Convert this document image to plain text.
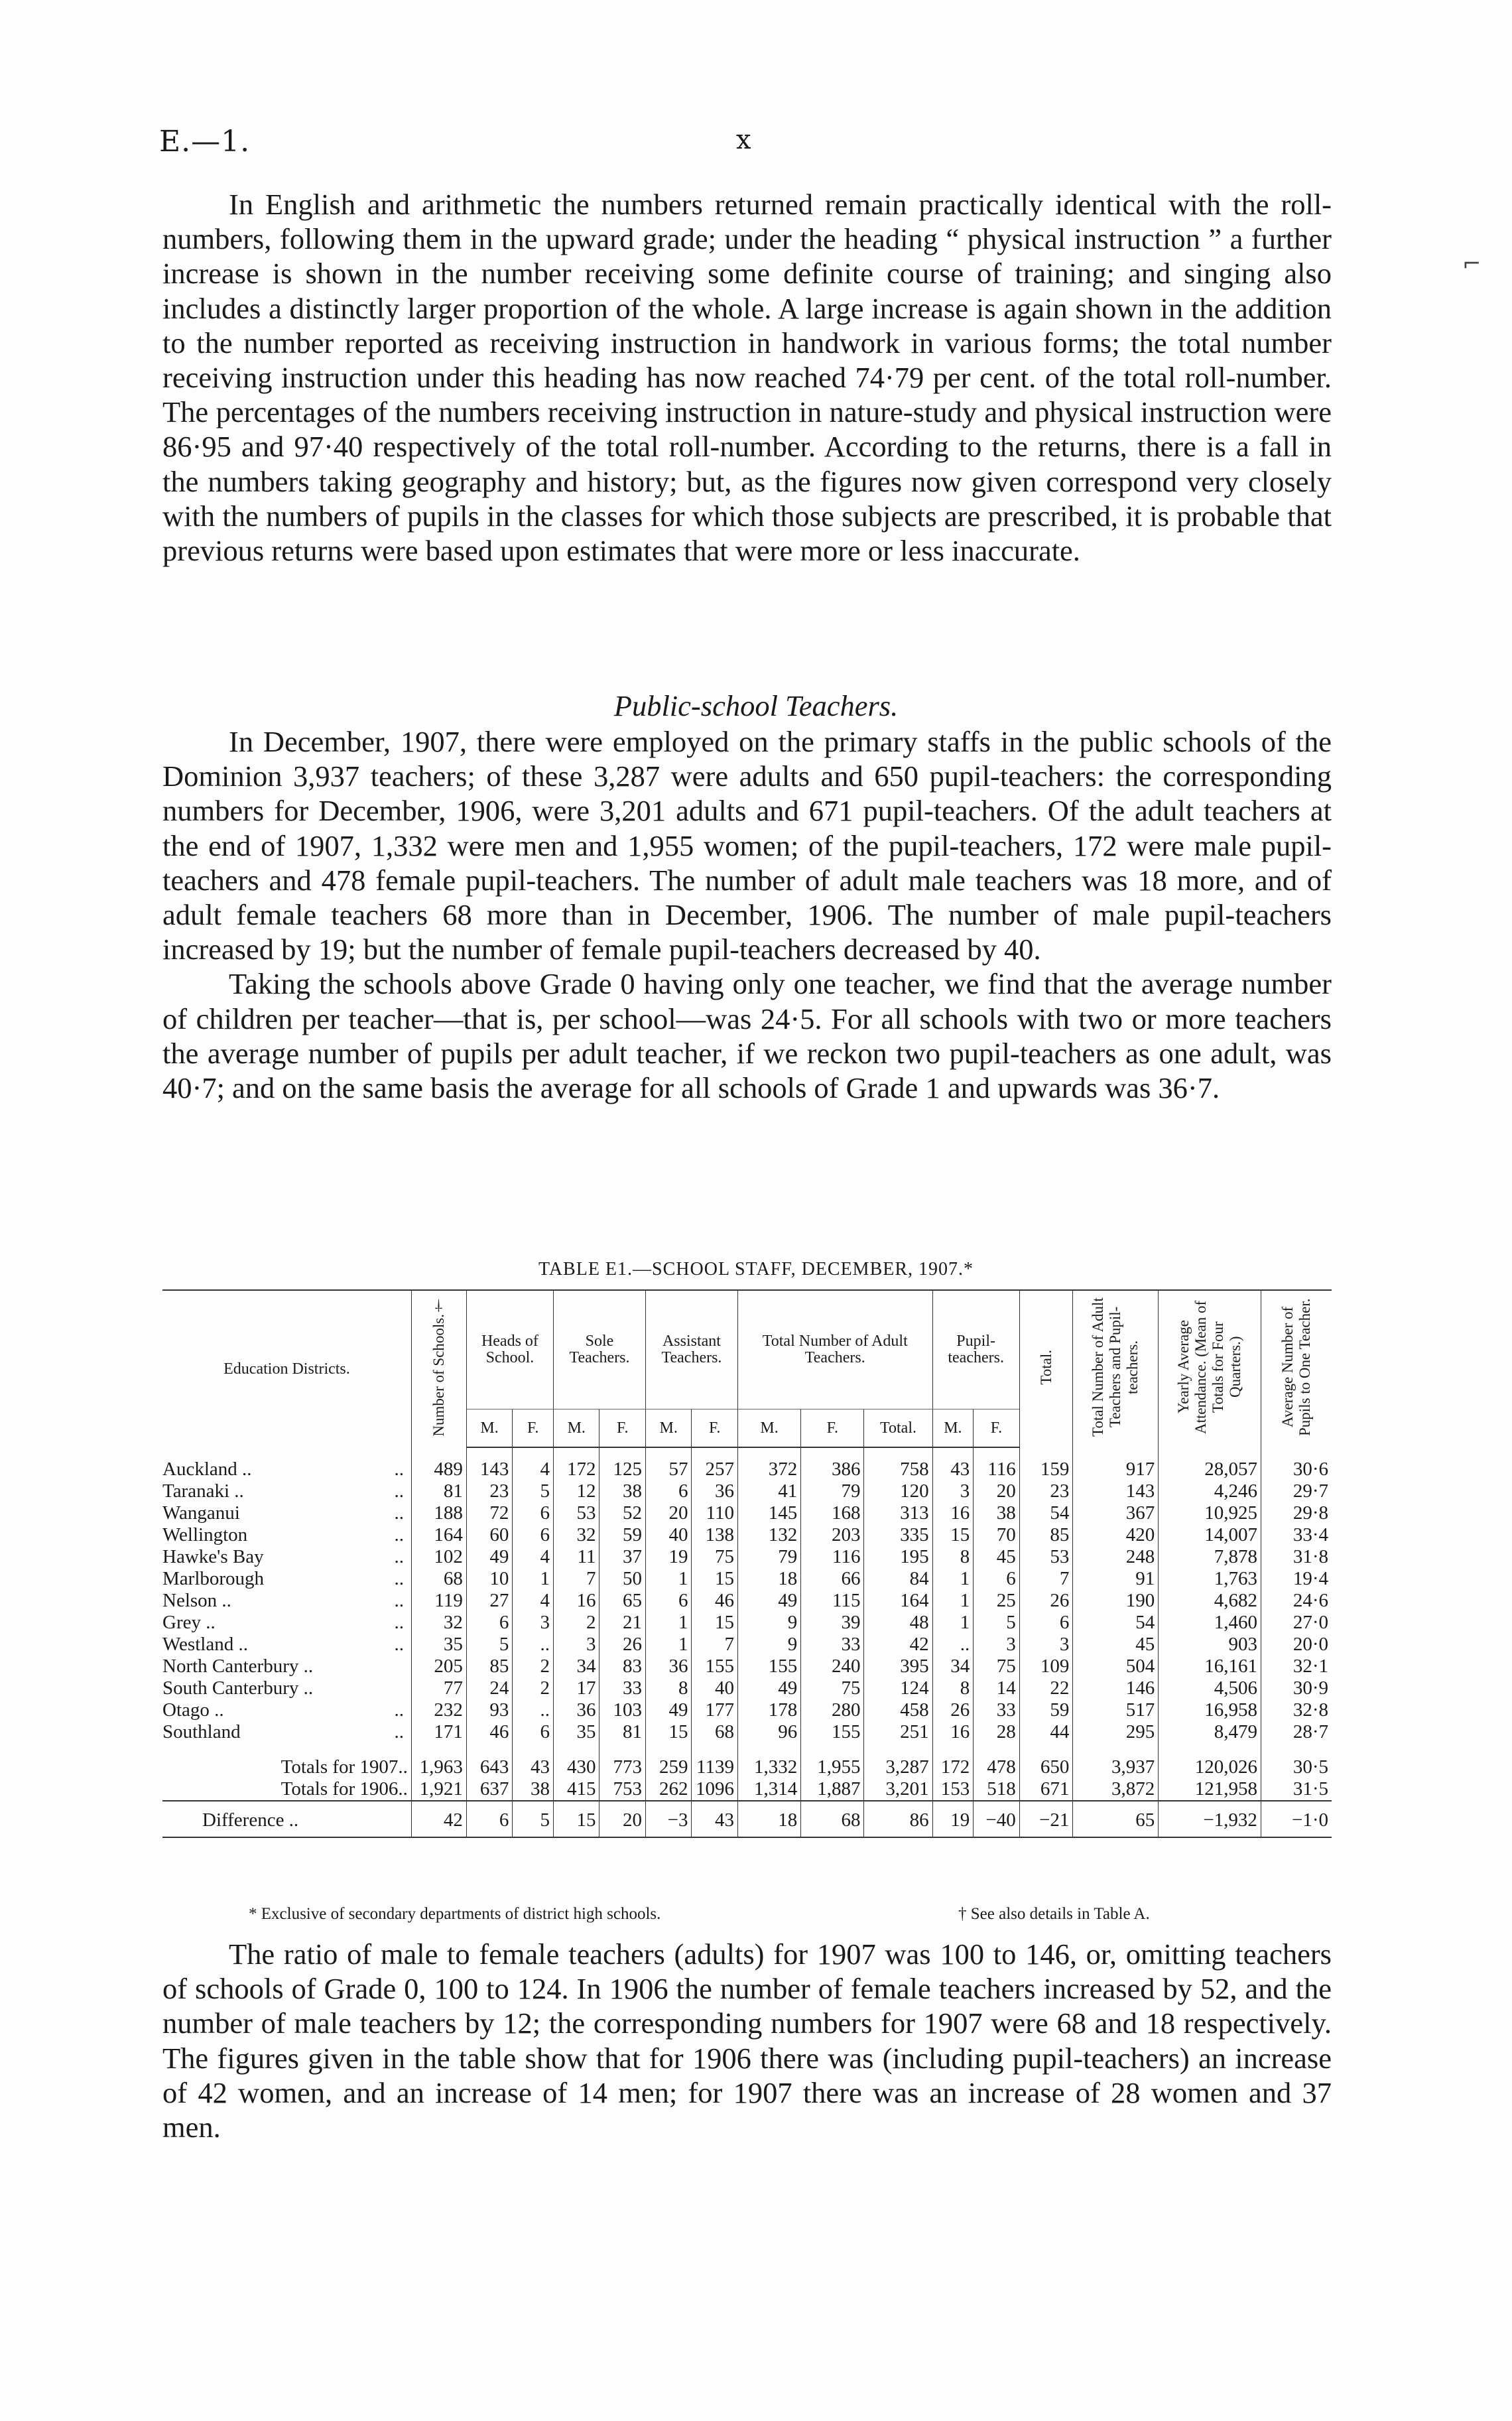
E.—1.	x

In English and arithmetic the numbers returned remain practically identical with the roll-numbers, following them in the upward grade; under the heading “ physical instruction ” a further increase is shown in the number receiving some definite course of training; and singing also includes a distinctly larger proportion of the whole. A large increase is again shown in the addition to the number reported as receiving instruction in handwork in various forms; the total number receiving instruction under this heading has now reached 74·79 per cent. of the total roll-number. The percentages of the numbers receiving instruction in nature-study and physical instruction were 86·95 and 97·40 respectively of the total roll-number. According to the returns, there is a fall in the numbers taking geography and history; but, as the figures now given correspond very closely with the numbers of pupils in the classes for which those subjects are prescribed, it is probable that previous returns were based upon estimates that were more or less inaccurate.

Public-school Teachers.

In December, 1907, there were employed on the primary staffs in the public schools of the Dominion 3,937 teachers; of these 3,287 were adults and 650 pupil-teachers: the corresponding numbers for December, 1906, were 3,201 adults and 671 pupil-teachers. Of the adult teachers at the end of 1907, 1,332 were men and 1,955 women; of the pupil-teachers, 172 were male pupil-teachers and 478 female pupil-teachers. The number of adult male teachers was 18 more, and of adult female teachers 68 more than in December, 1906. The number of male pupil-teachers increased by 19; but the number of female pupil-teachers decreased by 40.

Taking the schools above Grade 0 having only one teacher, we find that the average number of children per teacher—that is, per school—was 24·5. For all schools with two or more teachers the average number of pupils per adult teacher, if we reckon two pupil-teachers as one adult, was 40·7; and on the same basis the average for all schools of Grade 1 and upwards was 36·7.

TABLE E1.—SCHOOL STAFF, DECEMBER, 1907.*
Education Districts.	Number of Schools.†	Heads of School.		Sole Teachers.		Assistant Teachers.		Total Number of Adult Teachers.			Pupil-teachers.		Total.	Total Number of Adult Teachers and Pupil-teachers.	Yearly Average Attendance. (Mean of Totals for Four Quarters.)	Average Number of Pupils to One Teacher.
		M.	F.	M.	F.	M.	F.	M.	F.	Total.	M.	F.				
Auckland .. ..	489	143	4	172	125	57	257	372	386	758	43	116	159	917	28,057	30·6
Taranaki .. ..	81	23	5	12	38	6	36	41	79	120	3	20	23	143	4,246	29·7
Wanganui ..	188	72	6	53	52	20	110	145	168	313	16	38	54	367	10,925	29·8
Wellington ..	164	60	6	32	59	40	138	132	203	335	15	70	85	420	14,007	33·4
Hawke's Bay ..	102	49	4	11	37	19	75	79	116	195	8	45	53	248	7,878	31·8
Marlborough ..	68	10	1	7	50	1	15	18	66	84	1	6	7	91	1,763	19·4
Nelson .. ..	119	27	4	16	65	6	46	49	115	164	1	25	26	190	4,682	24·6
Grey .. ..	32	6	3	2	21	1	15	9	39	48	1	5	6	54	1,460	27·0
Westland .. ..	35	5	..	3	26	1	7	9	33	42	..	3	3	45	903	20·0
North Canterbury ..	205	85	2	34	83	36	155	155	240	395	34	75	109	504	16,161	32·1
South Canterbury ..	77	24	2	17	33	8	40	49	75	124	8	14	22	146	4,506	30·9
Otago .. ..	232	93	..	36	103	49	177	178	280	458	26	33	59	517	16,958	32·8
Southland ..	171	46	6	35	81	15	68	96	155	251	16	28	44	295	8,479	28·7
Totals for 1907..	1,963	643	43	430	773	259	1139	1,332	1,955	3,287	172	478	650	3,937	120,026	30·5
Totals for 1906..	1,921	637	38	415	753	262	1096	1,314	1,887	3,201	153	518	671	3,872	121,958	31·5
Difference ..	42	6	5	15	20	−3	43	18	68	86	19	−40	−21	65	−1,932	−1·0
* Exclusive of secondary departments of district high schools.	† See also details in Table A.

The ratio of male to female teachers (adults) for 1907 was 100 to 146, or, omitting teachers of schools of Grade 0, 100 to 124. In 1906 the number of female teachers increased by 52, and the number of male teachers by 12; the corresponding numbers for 1907 were 68 and 18 respectively. The figures given in the table show that for 1906 there was (including pupil-teachers) an increase of 42 women, and an increase of 14 men; for 1907 there was an increase of 28 women and 37 men.

⌐
